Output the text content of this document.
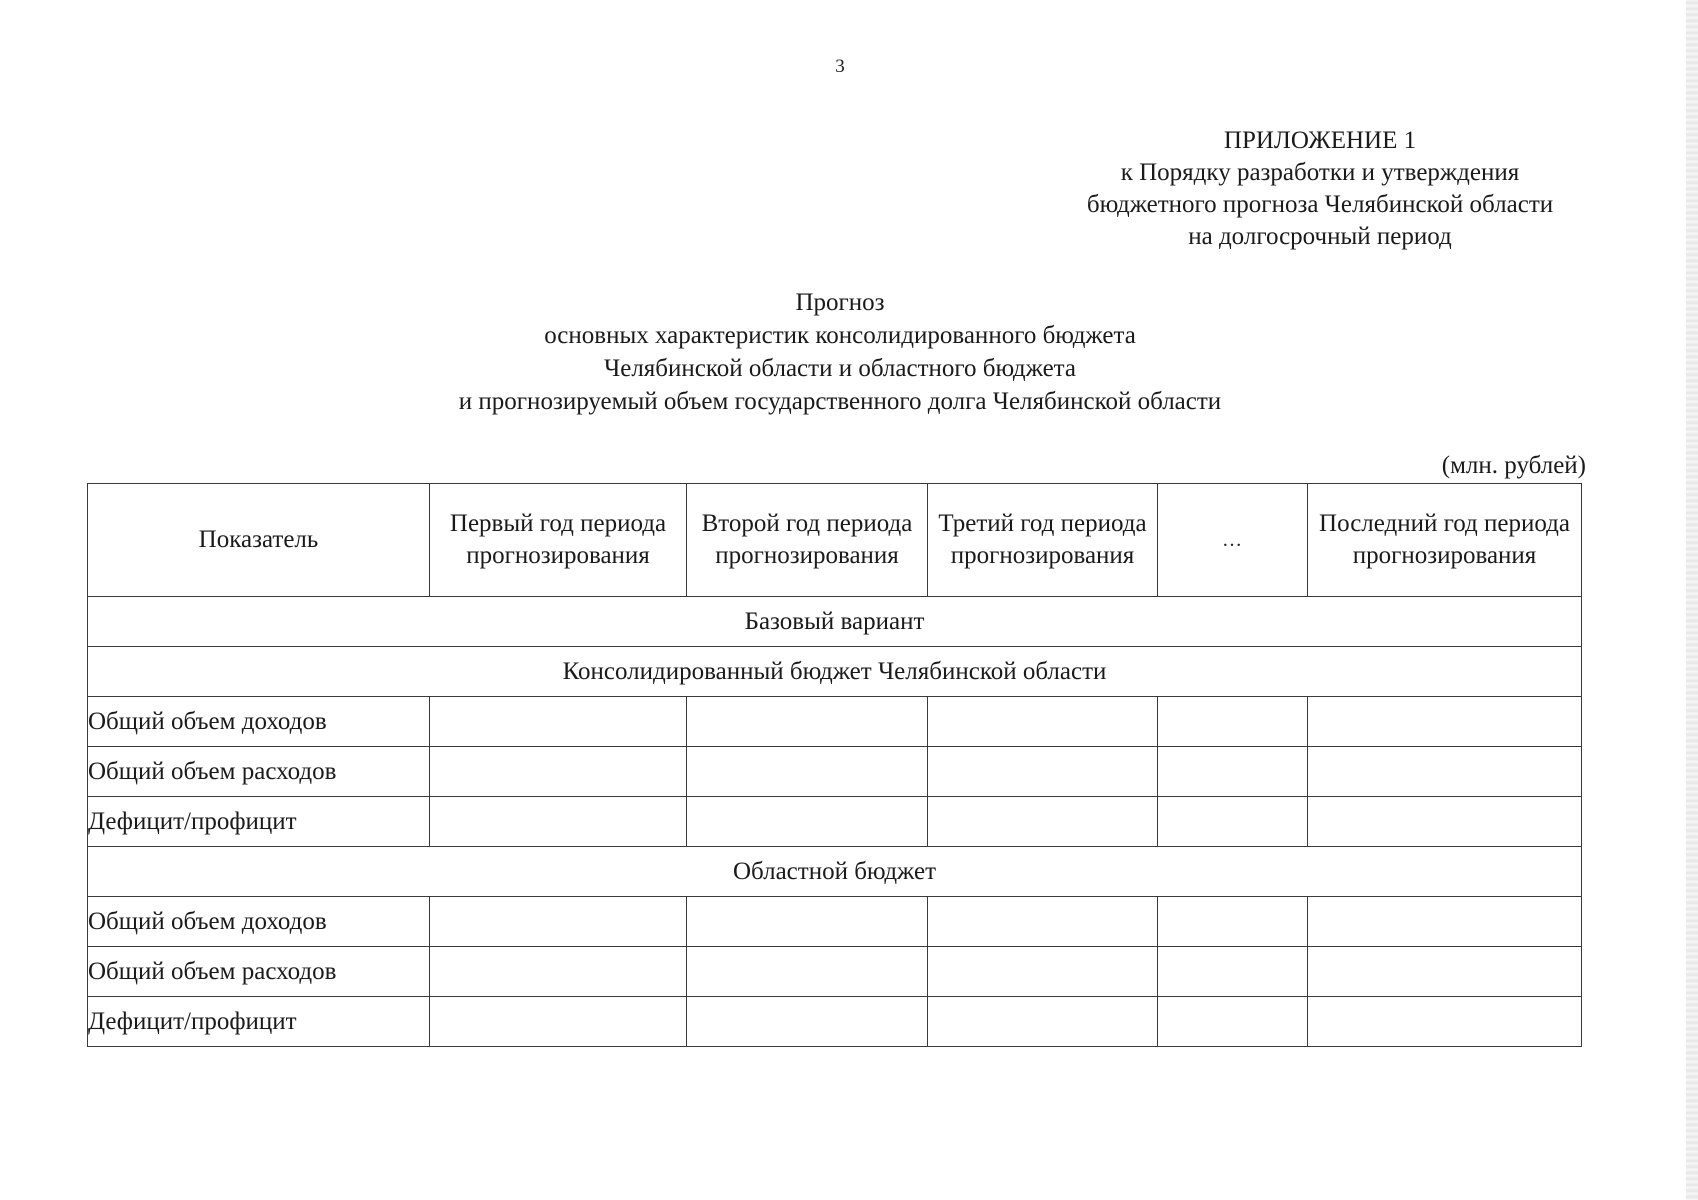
3
ПРИЛОЖЕНИЕ 1
к Порядку разработки и утверждения
бюджетного прогноза Челябинской области
на долгосрочный период
Прогноз
основных характеристик консолидированного бюджета
Челябинской области и областного бюджета
и прогнозируемый объем государственного долга Челябинской области
(млн. рублей)
Показатель	Первый год периода прогнозирования	Второй год периода прогнозирования	Третий год периода прогнозирования	…	Последний год периода прогнозирования
Базовый вариант					
Консолидированный бюджет Челябинской области					
Общий объем доходов					
Общий объем расходов					
Дефицит/профицит					
Областной бюджет					
Общий объем доходов					
Общий объем расходов					
Дефицит/профицит					
